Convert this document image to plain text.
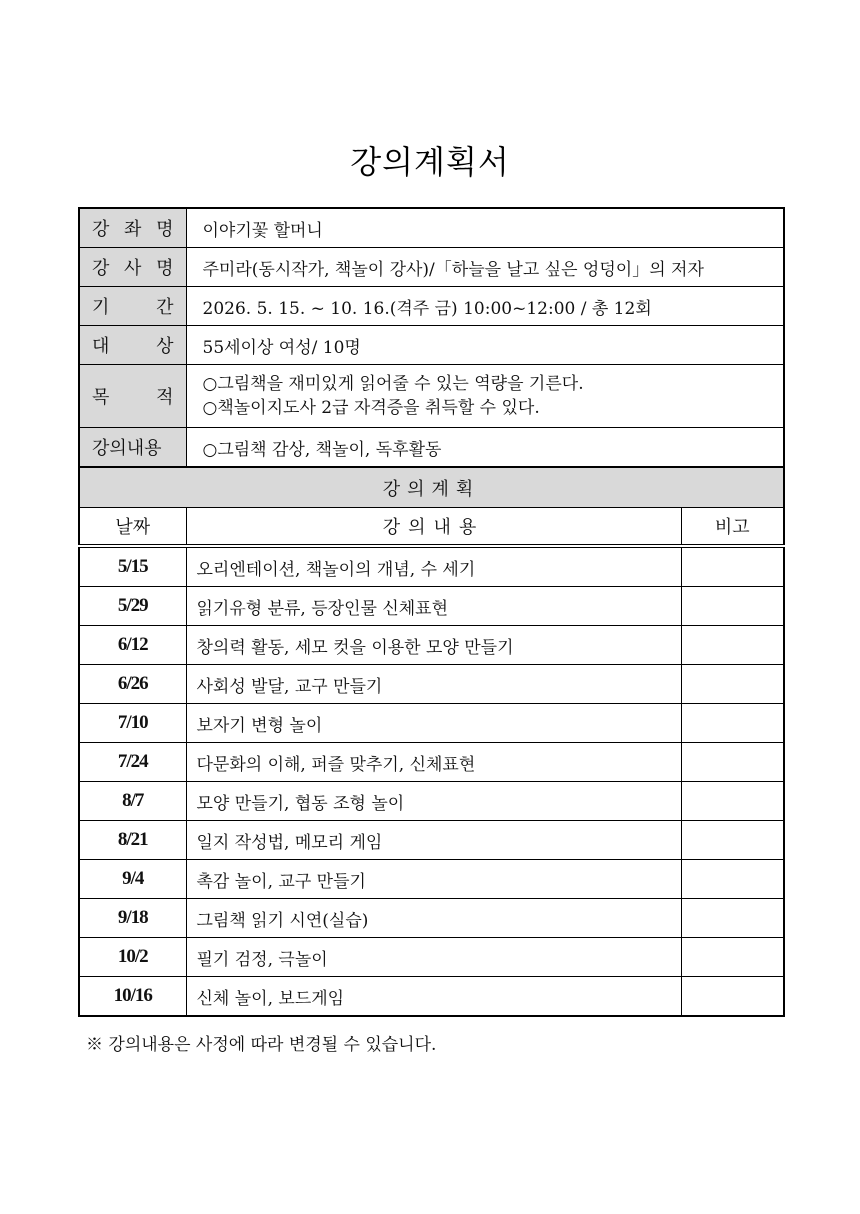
강의계획서
강 좌 명	이야기꽃 할머니	
강 사 명	주미라(동시작가, 책놀이 강사)/「하늘을 날고 싶은 엉덩이」의 저자	
기 간	2026. 5. 15. ~ 10. 16.(격주 금) 10:00~12:00 / 총 12회	
대 상	55세이상 여성/ 10명	
목 적	○그림책을 재미있게 읽어줄 수 있는 역량을 기른다.
○책놀이지도사 2급 자격증을 취득할 수 있다.	

강의내용	○그림책 감상, 책놀이, 독후활동	
강의계획		
날짜	강의내용	비고
5/15	오리엔테이션, 책놀이의 개념, 수 세기	
5/29	읽기유형 분류, 등장인물 신체표현	
6/12	창의력 활동, 세모 컷을 이용한 모양 만들기	
6/26	사회성 발달, 교구 만들기	
7/10	보자기 변형 놀이	
7/24	다문화의 이해, 퍼즐 맞추기, 신체표현	
8/7	모양 만들기, 협동 조형 놀이	
8/21	일지 작성법, 메모리 게임	
9/4	촉감 놀이, 교구 만들기	
9/18	그림책 읽기 시연(실습)	
10/2	필기 검정, 극놀이	
10/16	신체 놀이, 보드게임	
※ 강의내용은 사정에 따라 변경될 수 있습니다.
